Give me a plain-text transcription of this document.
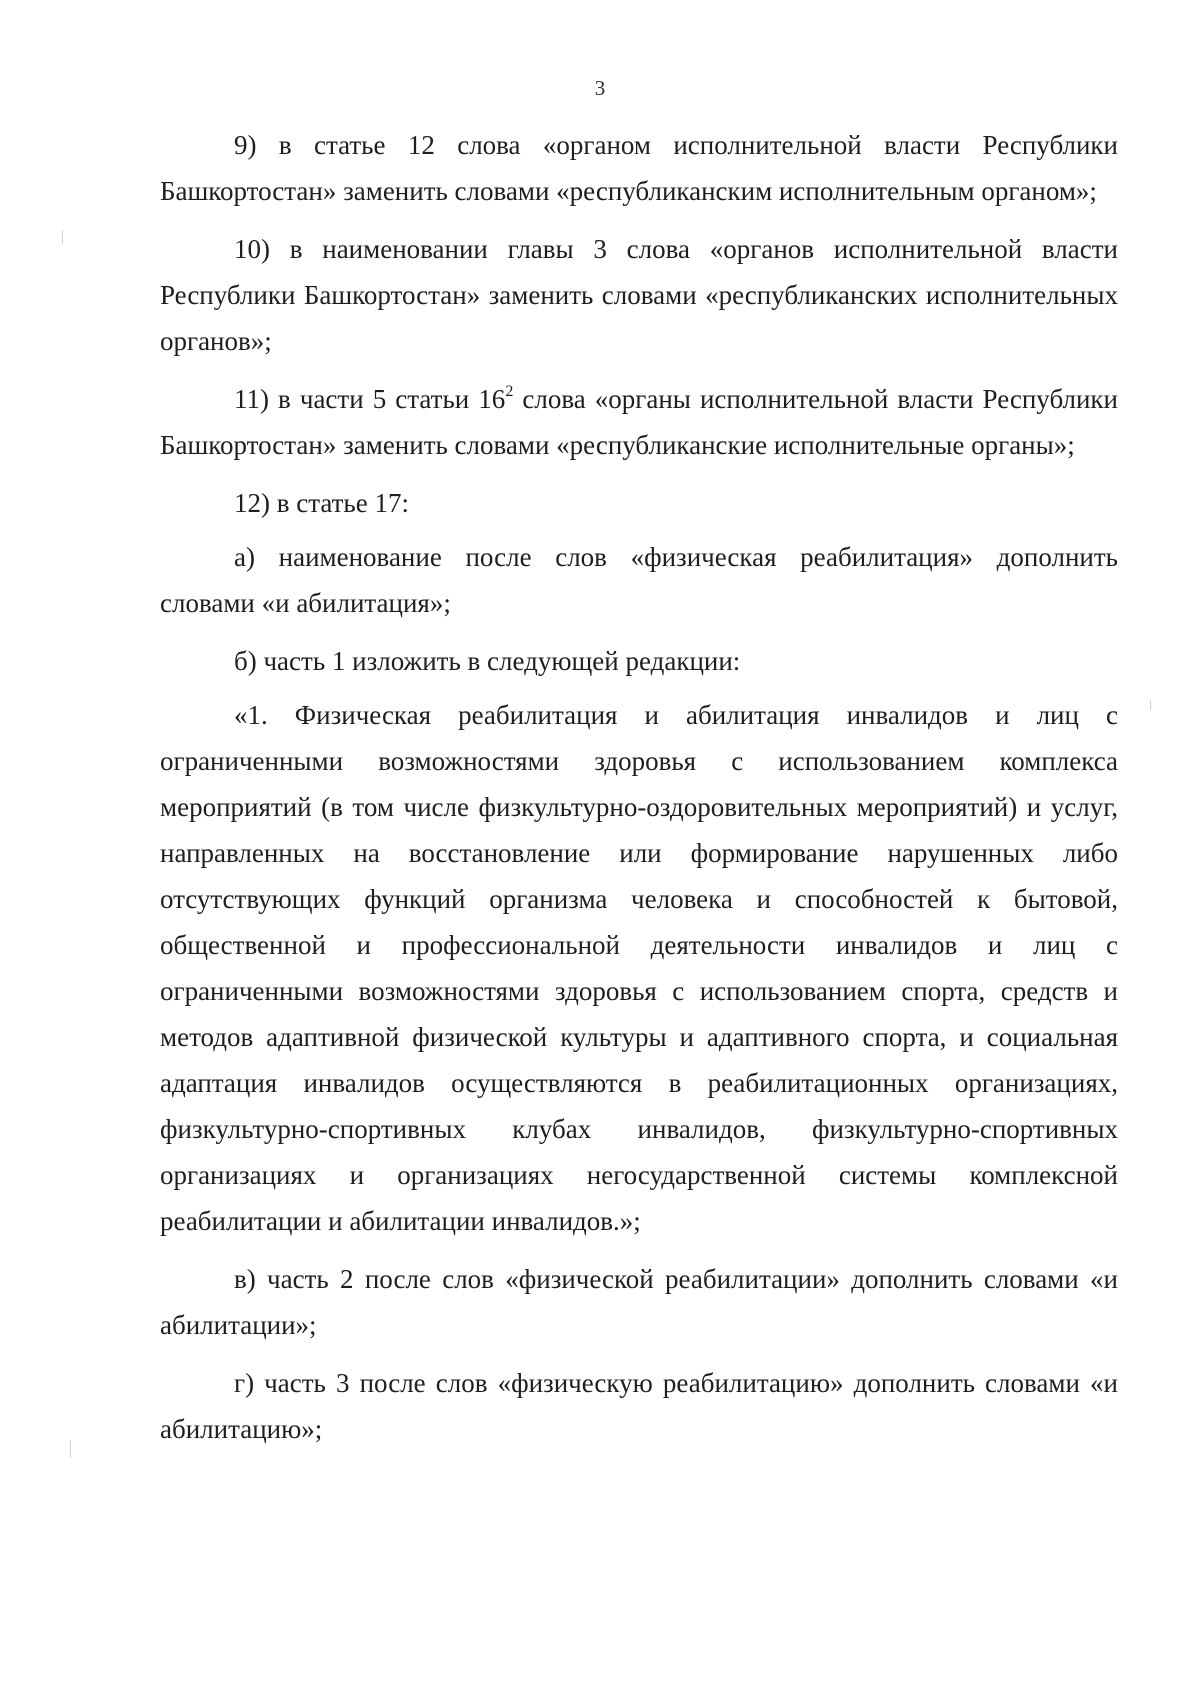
3

9) в статье 12 слова «органом исполнительной власти Республики Башкортостан» заменить словами «республиканским исполнительным органом»;

10) в наименовании главы 3 слова «органов исполнительной власти Республики Башкортостан» заменить словами «республиканских исполнительных органов»;

11) в части 5 статьи $16^2$ слова «органы исполнительной власти Республики Башкортостан» заменить словами «республиканские исполнительные органы»;

12) в статье 17:

а) наименование после слов «физическая реабилитация» дополнить словами «и абилитация»;

б) часть 1 изложить в следующей редакции:

«1. Физическая реабилитация и абилитация инвалидов и лиц с ограниченными возможностями здоровья с использованием комплекса мероприятий (в том числе физкультурно-оздоровительных мероприятий) и услуг, направленных на восстановление или формирование нарушенных либо отсутствующих функций организма человека и способностей к бытовой, общественной и профессиональной деятельности инвалидов и лиц с ограниченными возможностями здоровья с использованием спорта, средств и методов адаптивной физической культуры и адаптивного спорта, и социальная адаптация инвалидов осуществляются в реабилитационных организациях, физкультурно-спортивных клубах инвалидов, физкультурно-спортивных организациях и организациях негосударственной системы комплексной реабилитации и абилитации инвалидов.»;

в) часть 2 после слов «физической реабилитации» дополнить словами «и абилитации»;

г) часть 3 после слов «физическую реабилитацию» дополнить словами «и абилитацию»;
